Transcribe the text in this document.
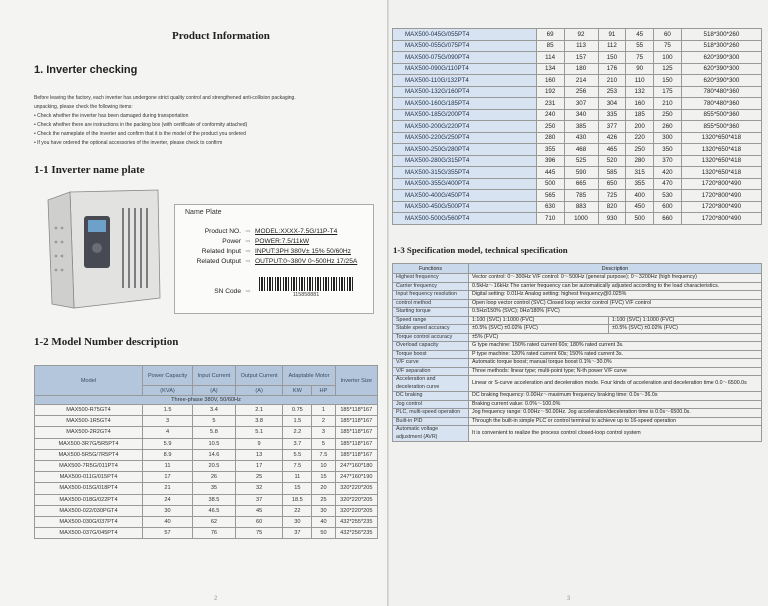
Product Information
1. Inverter checking
Before leaving the factory, each inverter has undergone strict quality control and strengthened anti-collision packaging.
unpacking, please check the following items:
• Check whether the inverter has been damaged during transportation
• Check whether there are instructions in the packing box (with certificate of conformity attached)
• Check the nameplate of the inverter and confirm that it is the model of the product you ordered
• If you have ordered the optional accessories of the inverter, please check to confirm
1-1 Inverter name plate
Name Plate
Product NO. ➡ MODEL:XXXX-7.5G/11P-T4
Power ➡ POWER:7.5/11kW
Related Input ➡ INPUT:3PH 380V± 15% 50/60Hz
Related Output ➡ OUTPUT:0~380V 0~500Hz 17/25A
SN Code ➡	115858881
1-2 Model Number description
2
1-3 Specification model, technical specification
3
Model	Power Capacity	Input Current	Output Current	Adaptable Motor		Inverter Size
	(KVA)	(A)	(A)	KW	HP	
Three-phase 380V, 50/60Hz						
MAX500-R75GT4	1.5	3.4	2.1	0.75	1	185*118*167
MAX500-1R5GT4	3	5	3.8	1.5	2	185*118*167
MAX500-2R2GT4	4	5.8	5.1	2.2	3	185*118*167
MAX500-3R7G/5R5PT4	5.9	10.5	9	3.7	5	185*118*167
MAX500-5R5G/7R5PT4	8.9	14.6	13	5.5	7.5	185*118*167
MAX500-7R5G/011PT4	11	20.5	17	7.5	10	247*160*180
MAX500-011G/015PT4	17	26	25	11	15	247*160*190
MAX500-015G/018PT4	21	35	32	15	20	320*220*205
MAX500-018G/022PT4	24	38.5	37	18.5	25	320*220*205
MAX500-022/030PGT4	30	46.5	45	22	30	320*220*205
MAX500-030G/037PT4	40	62	60	30	40	432*255*235
MAX500-037G/045PT4	57	76	75	37	50	432*256*235
MAX500-045G/055PT4	69	92	91	45	60	518*300*260
MAX500-055G/075PT4	85	113	112	55	75	518*300*260
MAX500-075G/090PT4	114	157	150	75	100	620*390*300
MAX500-090G/110PT4	134	180	176	90	125	620*390*300
MAX500-110G/132PT4	160	214	210	110	150	620*390*300
MAX500-132G/160PT4	192	256	253	132	175	780*480*360
MAX500-160G/185PT4	231	307	304	160	210	780*480*360
MAX500-185G/200PT4	240	340	335	185	250	855*500*360
MAX500-200G/220PT4	250	385	377	200	260	855*500*360
MAX500-220G/250PT4	280	430	426	220	300	1320*650*418
MAX500-250G/280PT4	355	468	465	250	350	1320*650*418
MAX500-280G/315PT4	396	525	520	280	370	1320*650*418
MAX500-315G/355PT4	445	590	585	315	420	1320*650*418
MAX500-355G/400PT4	500	665	650	355	470	1720*800*490
MAX500-400G/450PT4	565	785	725	400	530	1720*800*490
MAX500-450G/500PT4	630	883	820	450	600	1720*800*490
MAX500-500G/560PT4	710	1000	930	500	660	1720*800*490
Functions	Description	
Highest frequency	Vector control: 0～300Hz V/F control: 0～500Hz (general purpose); 0～3200Hz (high frequency)	
Carrier frequency	0.5kHz～16kHz The carrier frequency can be automatically adjusted according to the load characteristics.	
Input frequency resolution	Digital setting: 0.01Hz Analog setting: highest frequency@0.025%	
control method	Open loop vector control (SVC) Closed loop vector control (FVC) V/F control	
Starting torque	0.5Hz/150% (SVC); 0Hz/180% (FVC)	
Speed range	1:100 (SVC) 1:1000 (FVC)	1:100 (SVC) 1:1000 (FVC)
Stable speed accuracy	±0.5% (SVC) ±0.02% (FVC)	±0.5% (SVC) ±0.02% (FVC)
Torque control accuracy	±5% (FVC)	
Overload capacity	G type machine: 150% rated current 60s; 180% rated current 3s.	
Torque boost	P type machine: 120% rated current 60s; 150% rated current 3s.	
V/F curve	Automatic torque boost; manual torque boost 0.1%～30.0%	
V/F separation	Three methods: linear type; multi-point type; N-th power V/F curve	
Acceleration and deceleration curve	Linear or S-curve acceleration and deceleration mode. Four kinds of acceleration and deceleration time 0.0～6500.0s	
DC braking	DC braking frequency: 0.00Hz～maximum frequency braking time: 0.0s～36.0s	
Jog control	Braking current value: 0.0%～100.0%	
PLC, multi-speed operation	Jog frequency range: 0.00Hz～50.00Hz. Jog acceleration/deceleration time is 0.0s～6500.0s.	
Built-in PID	Through the built-in simple PLC or control terminal to achieve up to 16-speed operation	
Automatic voltage adjustment (AVR)	It is convenient to realize the process control closed-loop control system	
